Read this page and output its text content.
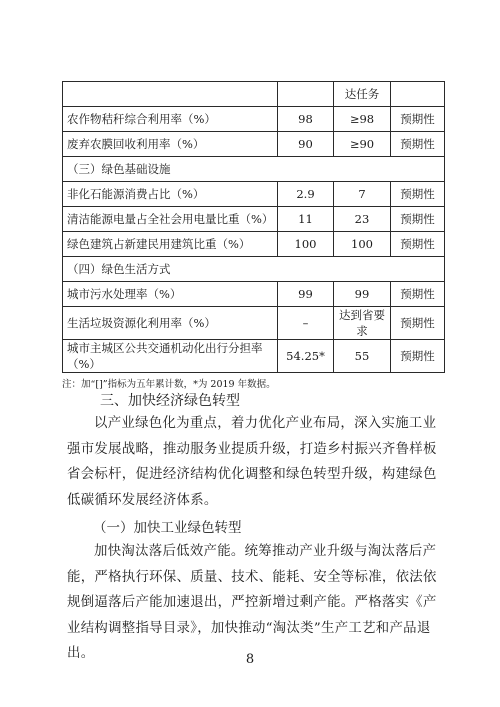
		达任务	
农作物秸秆综合利用率（%）	98	≥98	预期性
废弃农膜回收利用率（%）	90	≥90	预期性
（三）绿色基础设施			
非化石能源消费占比（%）	2.9	7	预期性
清洁能源电量占全社会用电量比重（%）	11	23	预期性
绿色建筑占新建民用建筑比重（%）	100	100	预期性
（四）绿色生活方式			
城市污水处理率（%）	99	99	预期性
生活垃圾资源化利用率（%）	–	达到省要求	预期性
城市主城区公共交通机动化出行分担率（%）	54.25*	55	预期性
注：加“[]”指标为五年累计数，*为 2019 年数据。
三、加快经济绿色转型

以产业绿色化为重点，着力优化产业布局，深入实施工业强市发展战略，推动服务业提质升级，打造乡村振兴齐鲁样板省会标杆，促进经济结构优化调整和绿色转型升级，构建绿色低碳循环发展经济体系。

（一）加快工业绿色转型

加快淘汰落后低效产能。统筹推动产业升级与淘汰落后产能，严格执行环保、质量、技术、能耗、安全等标准，依法依规倒逼落后产能加速退出，严控新增过剩产能。严格落实《产业结构调整指导目录》，加快推动“淘汰类”生产工艺和产品退出。	8
